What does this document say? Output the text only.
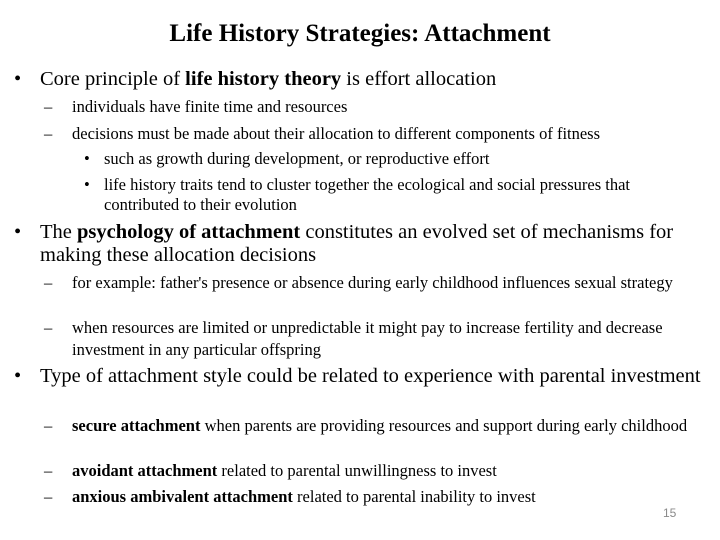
Life History Strategies: Attachment
• Core principle of life history theory is effort allocation
– individuals have finite time and resources
– decisions must be made about their allocation to different components of fitness
• such as growth during development, or reproductive effort
• life history traits tend to cluster together the ecological and social pressures that contributed to their evolution
• The psychology of attachment constitutes an evolved set of mechanisms for making these allocation decisions
– for example: father's presence or absence during early childhood influences sexual strategy
– when resources are limited or unpredictable it might pay to increase fertility and decrease investment in any particular offspring
• Type of attachment style could be related to experience with parental investment
– secure attachment when parents are providing resources and support during early childhood
– avoidant attachment related to parental unwillingness to invest
– anxious ambivalent attachment related to parental inability to invest
15
